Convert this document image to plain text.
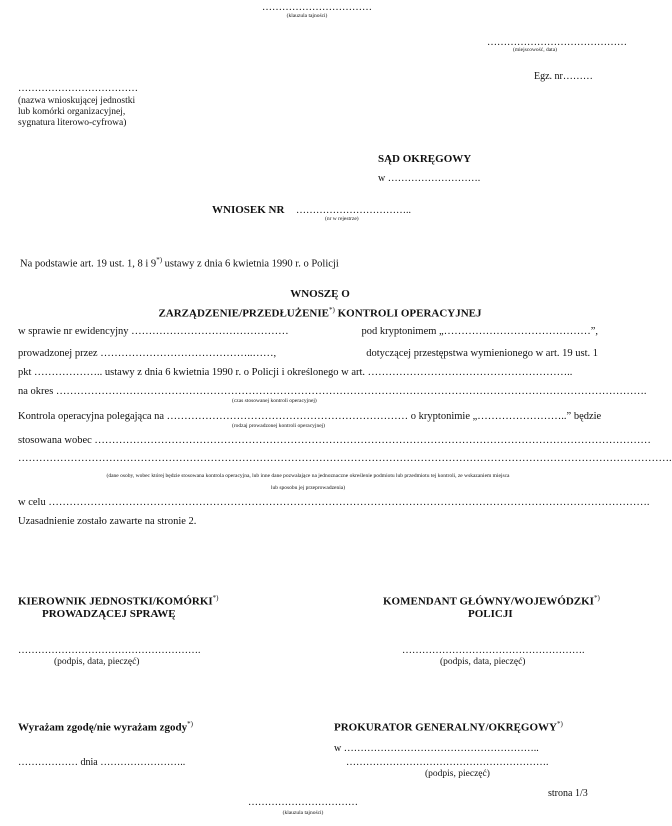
……………………………
(klauzula tajności)
……………………………………
(miejscowość, data)
Egz. nr………
………………………………
(nazwa wnioskującej jednostki
lub komórki organizacyjnej,
sygnatura literowo-cyfrowa)
SĄD OKRĘGOWY
w ……………………….
WNIOSEK NR ……………………………..
(nr w rejestrze)
Na podstawie art. 19 ust. 1, 8 i 9*) ustawy z dnia 6 kwietnia 1990 r. o Policji
WNOSZĘ O
ZARZĄDZENIE/PRZEDŁUŻENIE*) KONTROLI OPERACYJNEJ
w sprawie nr ewidencyjny ………………………………………	pod kryptonimem „……………………………………”,
prowadzonej przez ……………………………………..……,	dotyczącej przestępstwa wymienionego w art. 19 ust. 1
pkt ……………….. ustawy z dnia 6 kwietnia 1990 r. o Policji i określonego w art. …………………………………………………..
na okres …………………………………………………………………………………………………………………………………………………….
(czas stosowanej kontroli operacyjnej)
Kontrola operacyjna polegająca na …………………………………………………………… o kryptonimie „……………………..” będzie
(rodzaj prowadzonej kontroli operacyjnej)
stosowana wobec ……………………………………………………………………………………………………………………………………………
…………………………………………………………………………………………………………………………………………………………………….
(dane osoby, wobec której będzie stosowana kontrola operacyjna, lub inne dane pozwalające na jednoznaczne określenie podmiotu lub przedmiotu tej kontroli, ze wskazaniem miejsca
lub sposobu jej przeprowadzenia)
w celu ……………………………………………………………………………………………………………………………………………………….
Uzasadnienie zostało zawarte na stronie 2.
KIEROWNIK JEDNOSTKI/KOMÓRKI*)
PROWADZĄCEJ SPRAWĘ
……………………………………………….
(podpis, data, pieczęć)
KOMENDANT GŁÓWNY/WOJEWÓDZKI*)
POLICJI
……………………………………………….
(podpis, data, pieczęć)
Wyrażam zgodę/nie wyrażam zgody*)
……………… dnia ……………………..
PROKURATOR GENERALNY/OKRĘGOWY*)
w …………………………………………………..
…………………………………………………….
(podpis, pieczęć)
strona 1/3
……………………………
(klauzula tajności)
